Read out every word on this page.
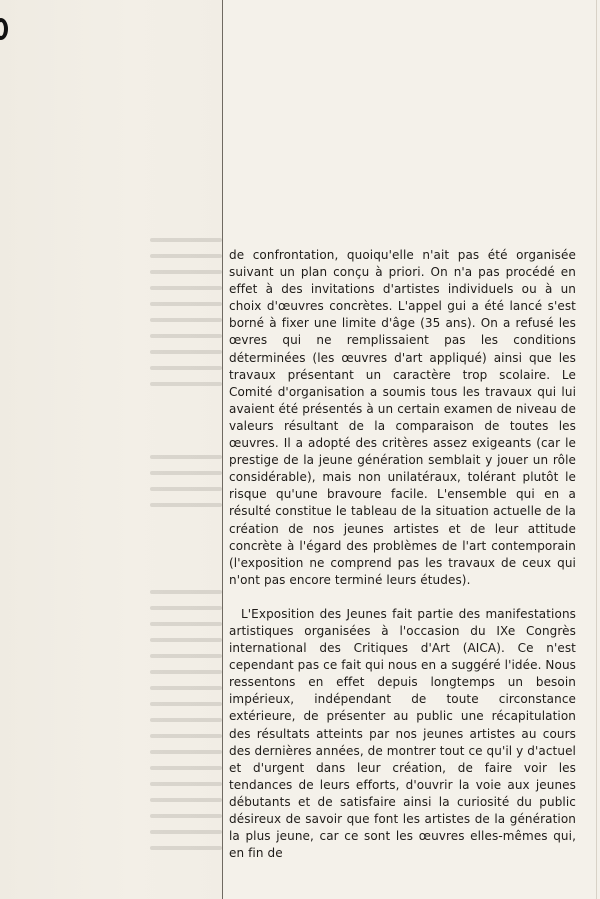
de confrontation, quoiqu'elle n'ait pas été organisée suivant un plan conçu à priori. On n'a pas procédé en effet à des invitations d'artistes individuels ou à un choix d'œuvres concrètes. L'appel gui a été lancé s'est borné à fixer une limite d'âge (35 ans). On a refusé les œvres qui ne remplissaient pas les conditions déterminées (les œuvres d'art appliqué) ainsi que les travaux présentant un caractère trop scolaire. Le Comité d'organisation a soumis tous les travaux qui lui avaient été présentés à un certain examen de niveau de valeurs résultant de la comparaison de toutes les œuvres. Il a adopté des critères assez exigeants (car le prestige de la jeune génération semblait y jouer un rôle considérable), mais non unilatéraux, tolérant plutôt le risque qu'une bravoure facile. L'ensemble qui en a résulté constitue le tableau de la situation actuelle de la création de nos jeunes artistes et de leur attitude concrète à l'égard des problèmes de l'art contemporain (l'exposition ne comprend pas les travaux de ceux qui n'ont pas encore terminé leurs études).

L'Exposition des Jeunes fait partie des manifestations artistiques organisées à l'occasion du IXe Congrès international des Critiques d'Art (AICA). Ce n'est cependant pas ce fait qui nous en a suggéré l'idée. Nous ressentons en effet depuis longtemps un besoin impérieux, indépendant de toute circonstance extérieure, de présenter au public une récapitulation des résultats atteints par nos jeunes artistes au cours des dernières années, de montrer tout ce qu'il y d'actuel et d'urgent dans leur création, de faire voir les tendances de leurs efforts, d'ouvrir la voie aux jeunes débutants et de satisfaire ainsi la curiosité du public désireux de savoir que font les artistes de la génération la plus jeune, car ce sont les œuvres elles-mêmes qui, en fin de
